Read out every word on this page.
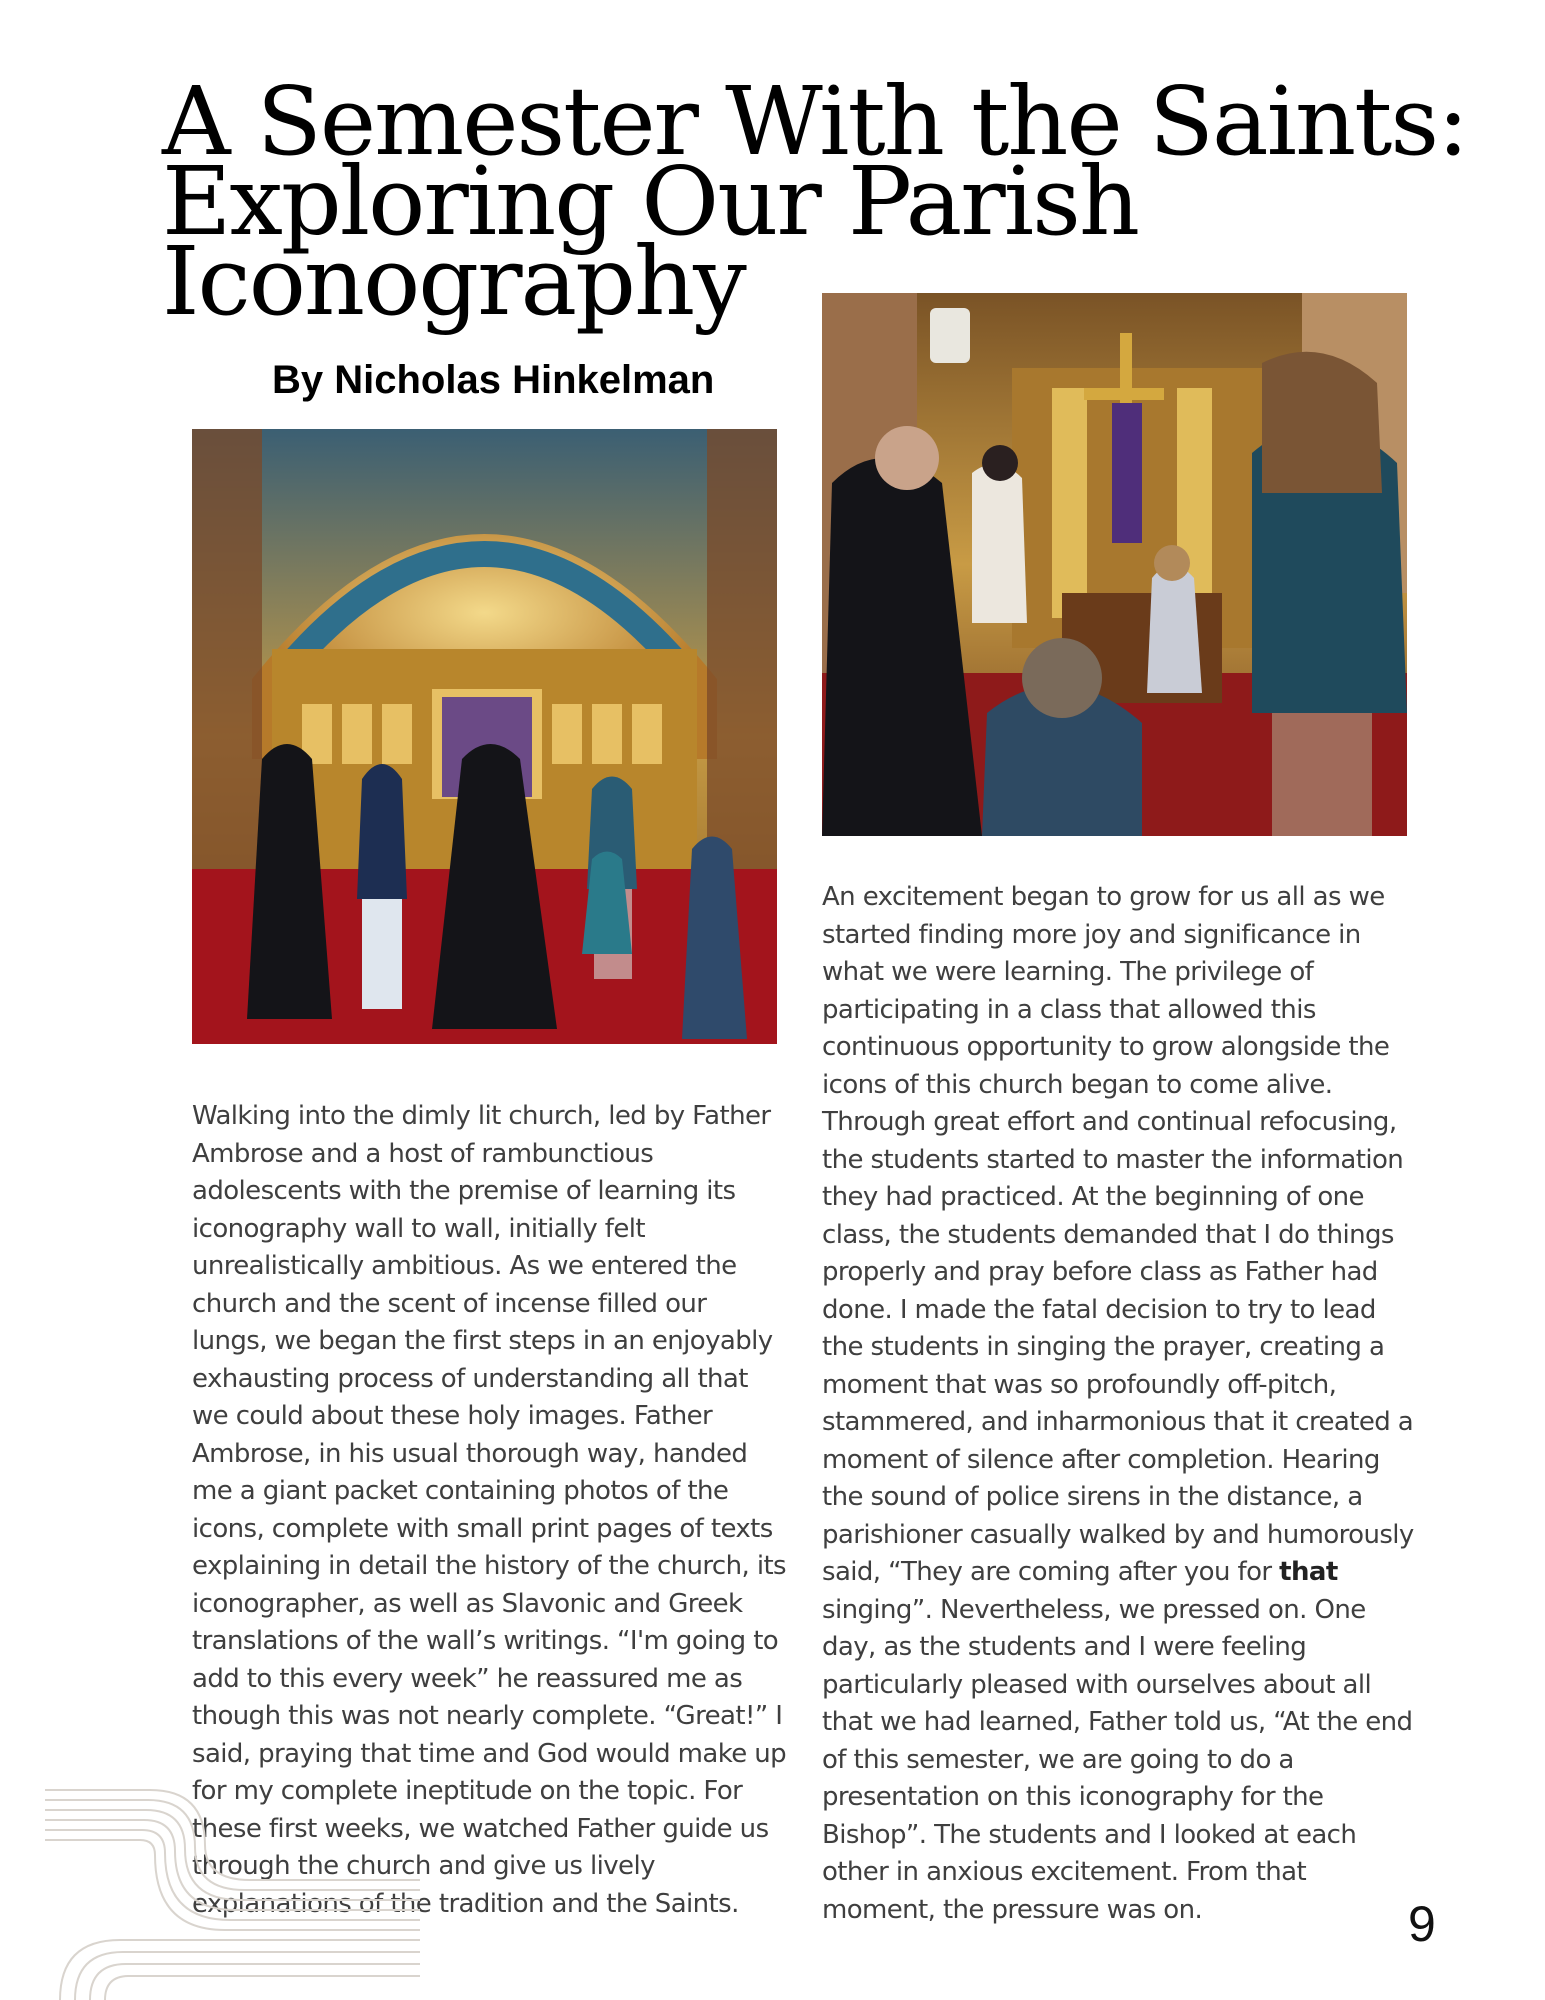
A Semester With the Saints:
Exploring Our Parish
Iconography

By Nicholas Hinkelman

Walking into the dimly lit church, led by Father Ambrose and a host of rambunctious adolescents with the premise of learning its iconography wall to wall, initially felt unrealistically ambitious. As we entered the church and the scent of incense filled our lungs, we began the first steps in an enjoyably exhausting process of understanding all that we could about these holy images. Father Ambrose, in his usual thorough way, handed me a giant packet containing photos of the icons, complete with small print pages of texts explaining in detail the history of the church, its iconographer, as well as Slavonic and Greek translations of the wall’s writings. “I'm going to add to this every week” he reassured me as though this was not nearly complete. “Great!” I said, praying that time and God would make up for my complete ineptitude on the topic. For these first weeks, we watched Father guide us through the church and give us lively explanations of the tradition and the Saints.

An excitement began to grow for us all as we started finding more joy and significance in what we were learning. The privilege of participating in a class that allowed this continuous opportunity to grow alongside the icons of this church began to come alive. Through great effort and continual refocusing, the students started to master the information they had practiced. At the beginning of one class, the students demanded that I do things properly and pray before class as Father had done. I made the fatal decision to try to lead the students in singing the prayer, creating a moment that was so profoundly off-pitch, stammered, and inharmonious that it created a moment of silence after completion. Hearing the sound of police sirens in the distance, a parishioner casually walked by and humorously said, “They are coming after you for that singing”. Nevertheless, we pressed on. One day, as the students and I were feeling particularly pleased with ourselves about all that we had learned, Father told us, “At the end of this semester, we are going to do a presentation on this iconography for the Bishop”. The students and I looked at each other in anxious excitement. From that moment, the pressure was on.	9
